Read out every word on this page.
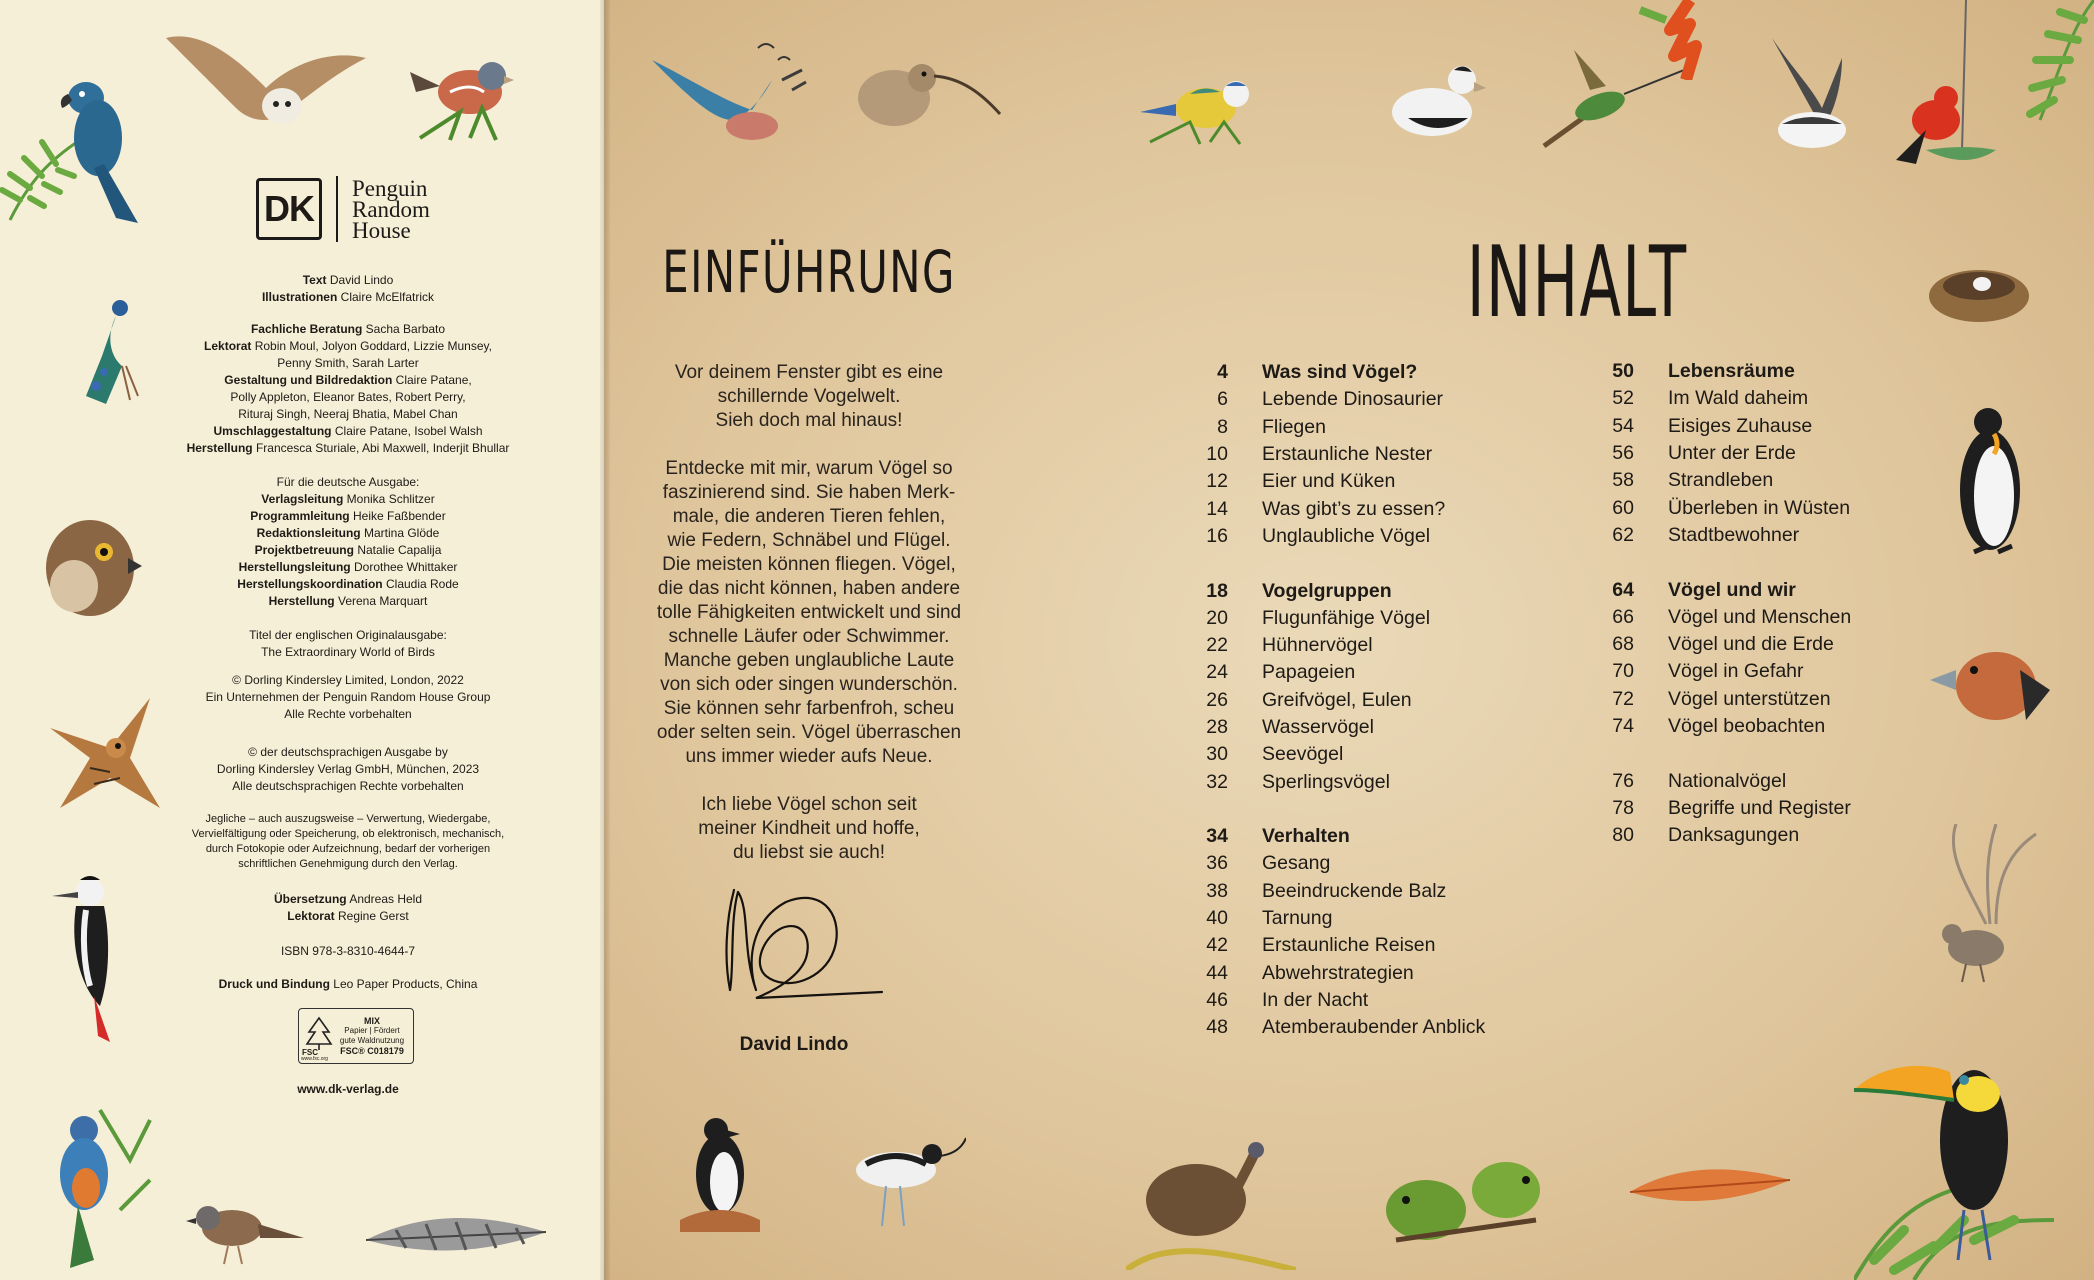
DK	Penguin
Random
House
Text David Lindo
Illustrationen Claire McElfatrick
Fachliche Beratung Sacha Barbato
Lektorat Robin Moul, Jolyon Goddard, Lizzie Munsey,
Penny Smith, Sarah Larter
Gestaltung und Bildredaktion Claire Patane,
Polly Appleton, Eleanor Bates, Robert Perry,
Rituraj Singh, Neeraj Bhatia, Mabel Chan
Umschlaggestaltung Claire Patane, Isobel Walsh
Herstellung Francesca Sturiale, Abi Maxwell, Inderjit Bhullar
Für die deutsche Ausgabe:
Verlagsleitung Monika Schlitzer
Programmleitung Heike Faßbender
Redaktionsleitung Martina Glöde
Projektbetreuung Natalie Capalija
Herstellungsleitung Dorothee Whittaker
Herstellungskoordination Claudia Rode
Herstellung Verena Marquart
Titel der englischen Originalausgabe:
The Extraordinary World of Birds
© Dorling Kindersley Limited, London, 2022
Ein Unternehmen der Penguin Random House Group
Alle Rechte vorbehalten
© der deutschsprachigen Ausgabe by
Dorling Kindersley Verlag GmbH, München, 2023
Alle deutschsprachigen Rechte vorbehalten
Jegliche – auch auszugsweise – Verwertung, Wiedergabe,
Vervielfältigung oder Speicherung, ob elektronisch, mechanisch,
durch Fotokopie oder Aufzeichnung, bedarf der vorherigen
schriftlichen Genehmigung durch den Verlag.
Übersetzung Andreas Held
Lektorat Regine Gerst
ISBN 978-3-8310-4644-7
Druck und Bindung Leo Paper Products, China
MIX
Papier | Fördert
gute Waldnutzung
FSC® C018179
FSC
www.fsc.org
www.dk-verlag.de
EINFÜHRUNG
Vor deinem Fenster gibt es eine
schillernde Vogelwelt.
Sieh doch mal hinaus!
Entdecke mit mir, warum Vögel so
faszinierend sind. Sie haben Merk-
male, die anderen Tieren fehlen,
wie Federn, Schnäbel und Flügel.
Die meisten können fliegen. Vögel,
die das nicht können, haben andere
tolle Fähigkeiten entwickelt und sind
schnelle Läufer oder Schwimmer.
Manche geben unglaubliche Laute
von sich oder singen wunderschön.
Sie können sehr farbenfroh, scheu
oder selten sein. Vögel überraschen
uns immer wieder aufs Neue.
Ich liebe Vögel schon seit
meiner Kindheit und hoffe,
du liebst sie auch!
David Lindo
INHALT
4 Was sind Vögel?
6 Lebende Dinosaurier
8 Fliegen
10 Erstaunliche Nester
12 Eier und Küken
14 Was gibt’s zu essen?
16 Unglaubliche Vögel
18 Vogelgruppen
20 Flugunfähige Vögel
22 Hühnervögel
24 Papageien
26 Greifvögel, Eulen
28 Wasservögel
30 Seevögel
32 Sperlingsvögel
34 Verhalten
36 Gesang
38 Beeindruckende Balz
40 Tarnung
42 Erstaunliche Reisen
44 Abwehrstrategien
46 In der Nacht
48 Atemberaubender Anblick
50 Lebensräume
52 Im Wald daheim
54 Eisiges Zuhause
56 Unter der Erde
58 Strandleben
60 Überleben in Wüsten
62 Stadtbewohner
64 Vögel und wir
66 Vögel und Menschen
68 Vögel und die Erde
70 Vögel in Gefahr
72 Vögel unterstützen
74 Vögel beobachten
76 Nationalvögel
78 Begriffe und Register
80 Danksagungen
